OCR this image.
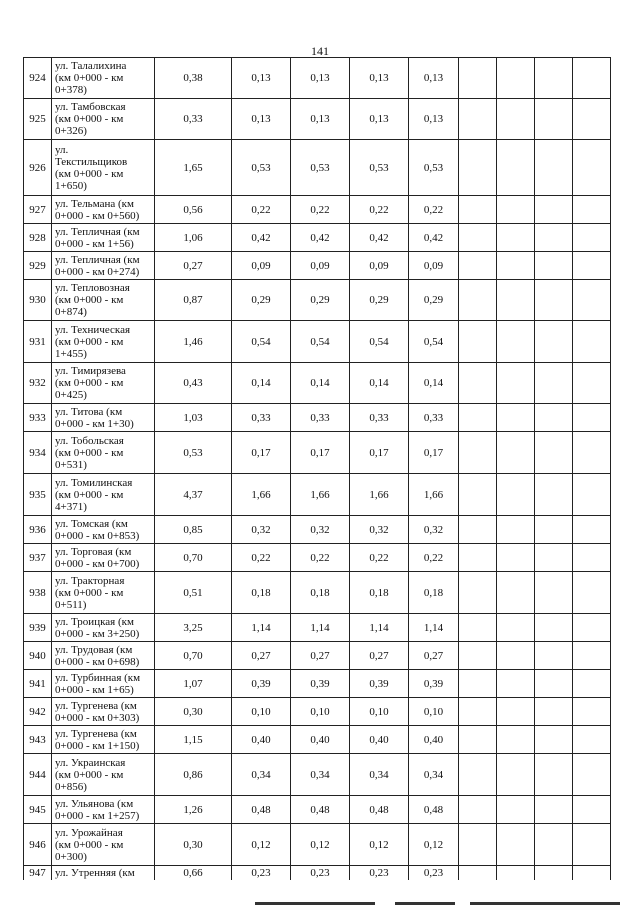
141
924	ул. Талалихина
(км 0+000 - км
0+378)	0,38	0,13	0,13	0,13	0,13				
925	ул. Тамбовская
(км 0+000 - км
0+326)	0,33	0,13	0,13	0,13	0,13				
926	ул.
Текстильщиков
(км 0+000 - км
1+650)	1,65	0,53	0,53	0,53	0,53				
927	ул. Тельмана (км
0+000 - км 0+560)	0,56	0,22	0,22	0,22	0,22				
928	ул. Тепличная (км
0+000 - км 1+56)	1,06	0,42	0,42	0,42	0,42				
929	ул. Тепличная (км
0+000 - км 0+274)	0,27	0,09	0,09	0,09	0,09				
930	ул. Тепловозная
(км 0+000 - км
0+874)	0,87	0,29	0,29	0,29	0,29				
931	ул. Техническая
(км 0+000 - км
1+455)	1,46	0,54	0,54	0,54	0,54				
932	ул. Тимирязева
(км 0+000 - км
0+425)	0,43	0,14	0,14	0,14	0,14				
933	ул. Титова (км
0+000 - км 1+30)	1,03	0,33	0,33	0,33	0,33				
934	ул. Тобольская
(км 0+000 - км
0+531)	0,53	0,17	0,17	0,17	0,17				
935	ул. Томилинская
(км 0+000 - км
4+371)	4,37	1,66	1,66	1,66	1,66				
936	ул. Томская (км
0+000 - км 0+853)	0,85	0,32	0,32	0,32	0,32				
937	ул. Торговая (км
0+000 - км 0+700)	0,70	0,22	0,22	0,22	0,22				
938	ул. Тракторная
(км 0+000 - км
0+511)	0,51	0,18	0,18	0,18	0,18				
939	ул. Троицкая (км
0+000 - км 3+250)	3,25	1,14	1,14	1,14	1,14				
940	ул. Трудовая (км
0+000 - км 0+698)	0,70	0,27	0,27	0,27	0,27				
941	ул. Турбинная (км
0+000 - км 1+65)	1,07	0,39	0,39	0,39	0,39				
942	ул. Тургенева (км
0+000 - км 0+303)	0,30	0,10	0,10	0,10	0,10				
943	ул. Тургенева (км
0+000 - км 1+150)	1,15	0,40	0,40	0,40	0,40				
944	ул. Украинская
(км 0+000 - км
0+856)	0,86	0,34	0,34	0,34	0,34				
945	ул. Ульянова (км
0+000 - км 1+257)	1,26	0,48	0,48	0,48	0,48				
946	ул. Урожайная
(км 0+000 - км
0+300)	0,30	0,12	0,12	0,12	0,12				
947	ул. Утренняя (км	0,66	0,23	0,23	0,23	0,23				
